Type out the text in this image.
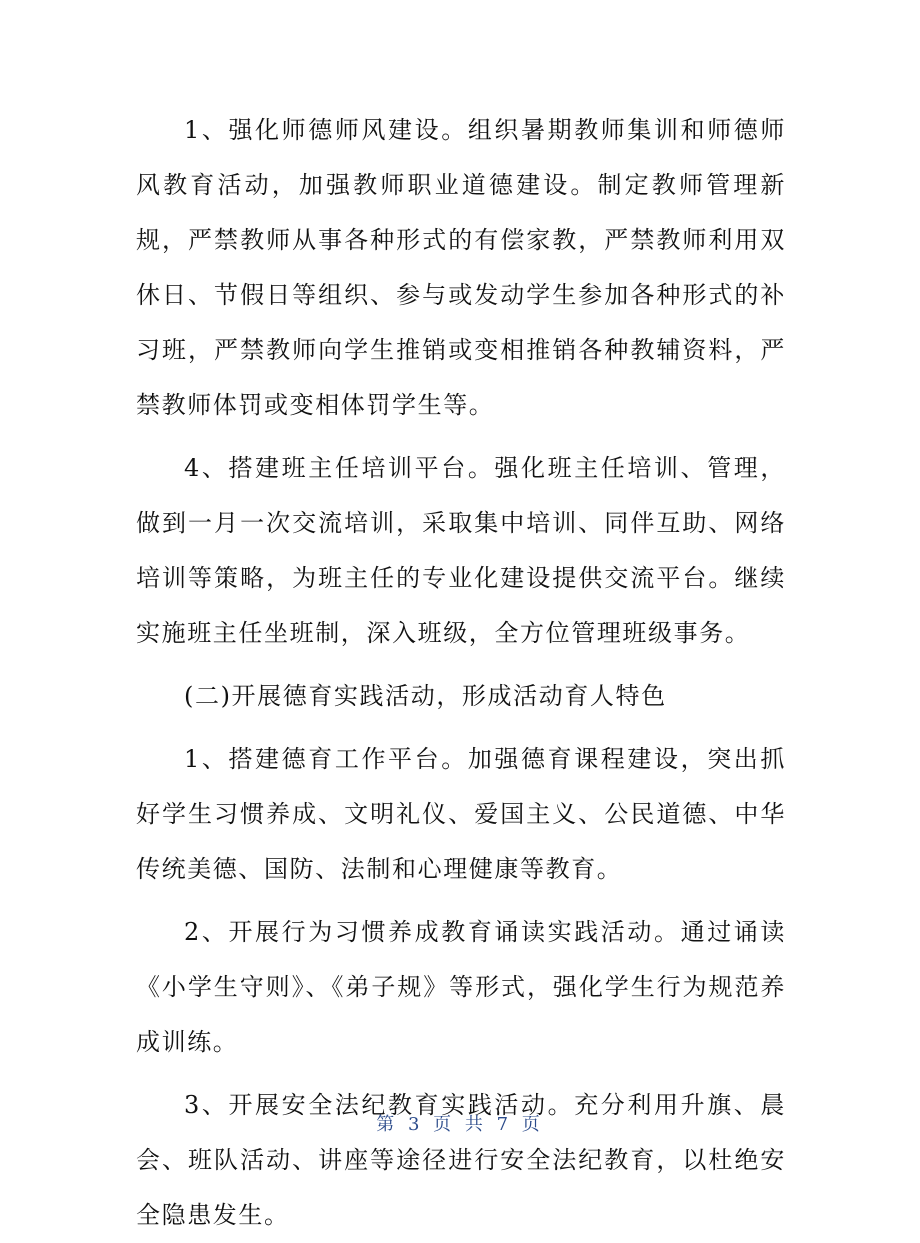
1、强化师德师风建设。组织暑期教师集训和师德师风教育活动，加强教师职业道德建设。制定教师管理新规，严禁教师从事各种形式的有偿家教，严禁教师利用双休日、节假日等组织、参与或发动学生参加各种形式的补习班，严禁教师向学生推销或变相推销各种教辅资料，严禁教师体罚或变相体罚学生等。

4、搭建班主任培训平台。强化班主任培训、管理，做到一月一次交流培训，采取集中培训、同伴互助、网络培训等策略，为班主任的专业化建设提供交流平台。继续实施班主任坐班制，深入班级，全方位管理班级事务。

(二)开展德育实践活动，形成活动育人特色

1、搭建德育工作平台。加强德育课程建设，突出抓好学生习惯养成、文明礼仪、爱国主义、公民道德、中华传统美德、国防、法制和心理健康等教育。

2、开展行为习惯养成教育诵读实践活动。通过诵读《小学生守则》、《弟子规》等形式，强化学生行为规范养成训练。

3、开展安全法纪教育实践活动。充分利用升旗、晨会、班队活动、讲座等途径进行安全法纪教育，以杜绝安全隐患发生。

第 3 页 共 7 页
